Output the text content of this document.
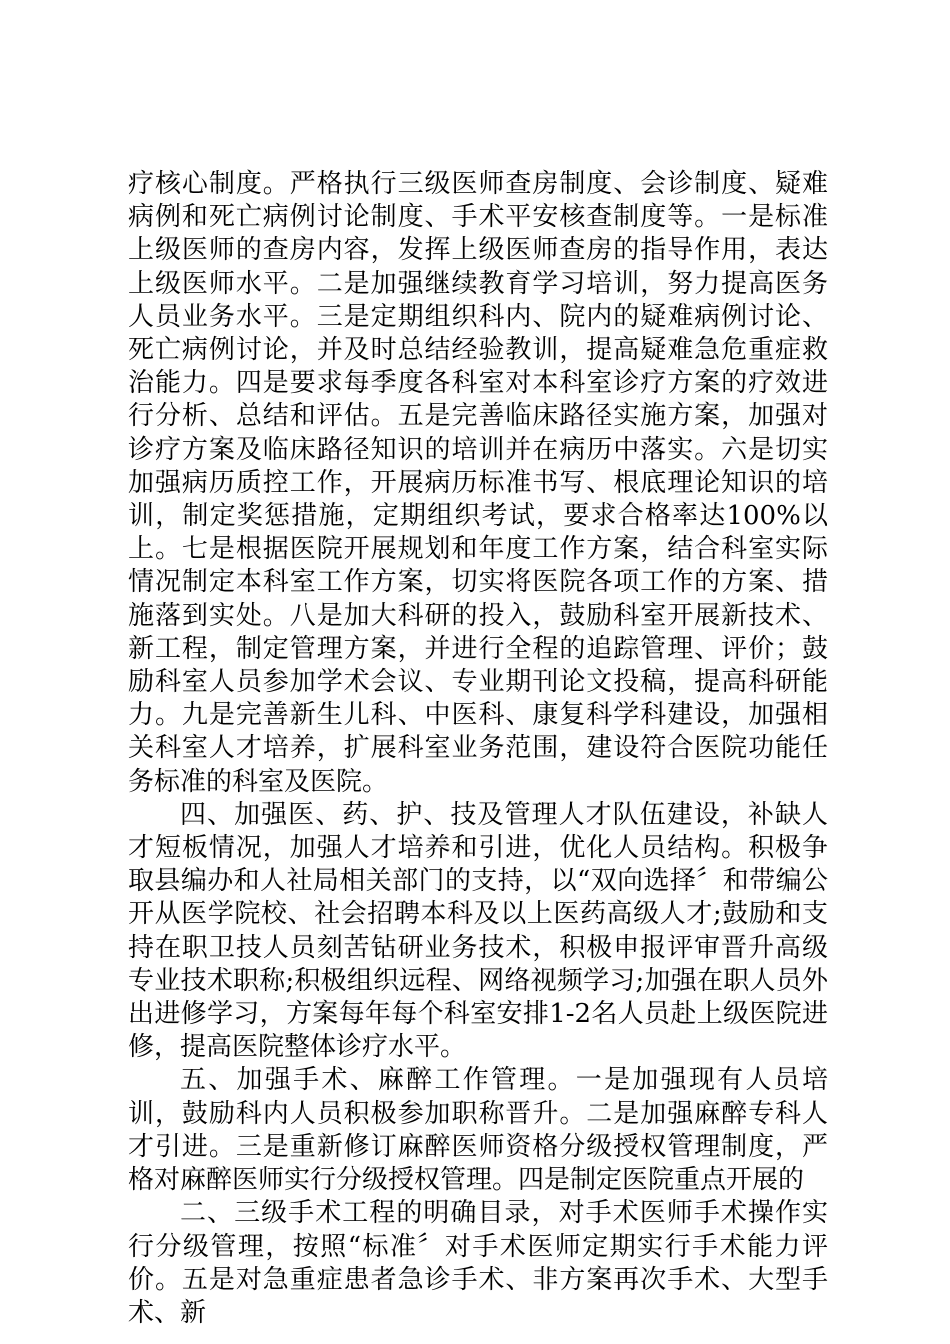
疗核心制度。严格执行三级医师查房制度、会诊制度、疑难病例和死亡病例讨论制度、手术平安核查制度等。一是标准上级医师的查房内容，发挥上级医师查房的指导作用，表达上级医师水平。二是加强继续教育学习培训，努力提高医务人员业务水平。三是定期组织科内、院内的疑难病例讨论、死亡病例讨论，并及时总结经验教训，提高疑难急危重症救治能力。四是要求每季度各科室对本科室诊疗方案的疗效进行分析、总结和评估。五是完善临床路径实施方案，加强对诊疗方案及临床路径知识的培训并在病历中落实。六是切实加强病历质控工作，开展病历标准书写、根底理论知识的培训，制定奖惩措施，定期组织考试，要求合格率达100%以上。七是根据医院开展规划和年度工作方案，结合科室实际情况制定本科室工作方案，切实将医院各项工作的方案、措施落到实处。八是加大科研的投入，鼓励科室开展新技术、新工程，制定管理方案，并进行全程的追踪管理、评价；鼓励科室人员参加学术会议、专业期刊论文投稿，提高科研能力。九是完善新生儿科、中医科、康复科学科建设，加强相关科室人才培养，扩展科室业务范围，建设符合医院功能任务标准的科室及医院。

四、加强医、药、护、技及管理人才队伍建设，补缺人才短板情况，加强人才培养和引进，优化人员结构。积极争取县编办和人社局相关部门的支持，以“双向选择〞和带编公开从医学院校、社会招聘本科及以上医药高级人才;鼓励和支持在职卫技人员刻苦钻研业务技术，积极申报评审晋升高级专业技术职称;积极组织远程、网络视频学习;加强在职人员外出进修学习，方案每年每个科室安排1-2名人员赴上级医院进修，提高医院整体诊疗水平。

五、加强手术、麻醉工作管理。一是加强现有人员培训，鼓励科内人员积极参加职称晋升。二是加强麻醉专科人才引进。三是重新修订麻醉医师资格分级授权管理制度，严格对麻醉医师实行分级授权管理。四是制定医院重点开展的

二、三级手术工程的明确目录，对手术医师手术操作实行分级管理，按照“标准〞对手术医师定期实行手术能力评价。五是对急重症患者急诊手术、非方案再次手术、大型手术、新
